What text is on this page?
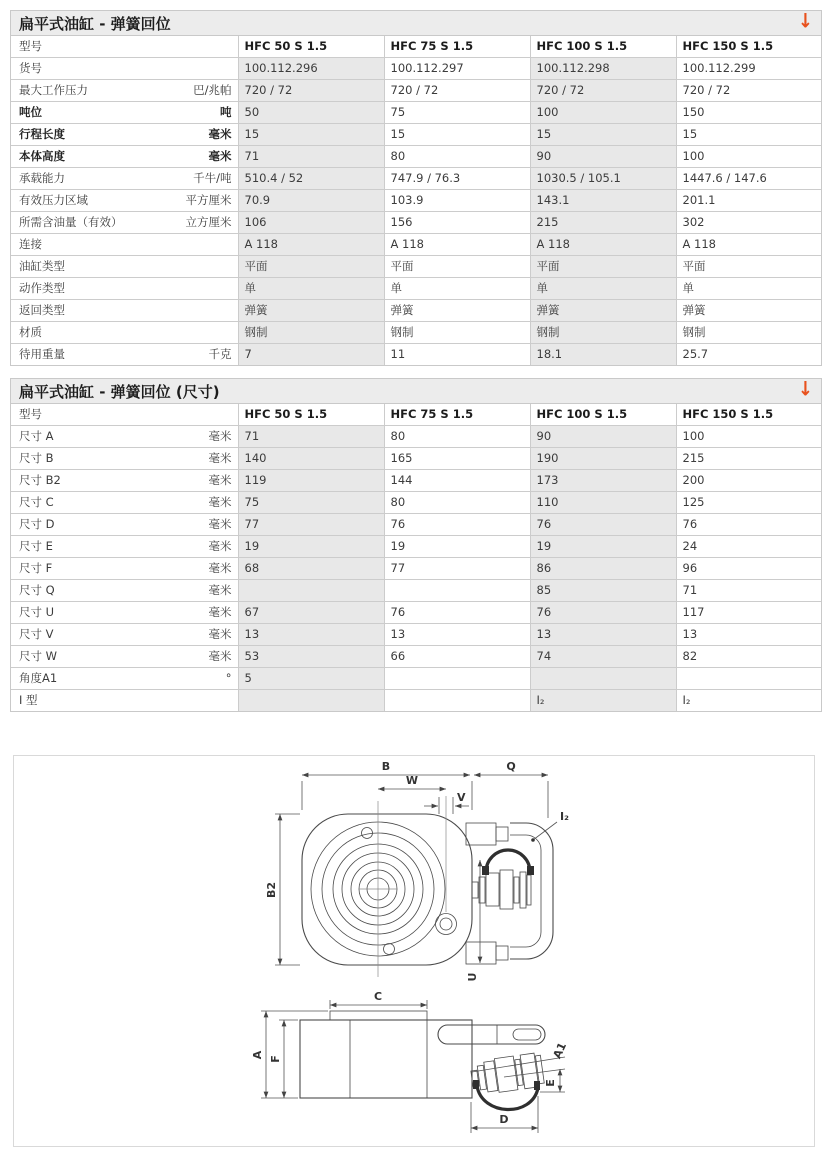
扁平式油缸 - 弹簧回位	↓
型号	HFC 50 S 1.5	HFC 75 S 1.5	HFC 100 S 1.5	HFC 150 S 1.5

货号	100.112.296	100.112.297	100.112.298	100.112.299

最大工作压力 巴/兆帕	720 / 72	720 / 72	720 / 72	720 / 72

吨位 吨	50	75	100	150

行程长度 毫米	15	15	15	15

本体高度 毫米	71	80	90	100

承载能力 千牛/吨	510.4 / 52	747.9 / 76.3	1030.5 / 105.1	1447.6 / 147.6

有效压力区域 平方厘米	70.9	103.9	143.1	201.1

所需含油量（有效） 立方厘米	106	156	215	302

连接	A 118	A 118	A 118	A 118

油缸类型	平面	平面	平面	平面

动作类型	单	单	单	单

返回类型	弹簧	弹簧	弹簧	弹簧

材质	钢制	钢制	钢制	钢制

待用重量 千克	7	11	18.1	25.7
扁平式油缸 - 弹簧回位 (尺寸)	↓
型号	HFC 50 S 1.5	HFC 75 S 1.5	HFC 100 S 1.5	HFC 150 S 1.5

尺寸 A 毫米	71	80	90	100

尺寸 B 毫米	140	165	190	215

尺寸 B2 毫米	119	144	173	200

尺寸 C 毫米	75	80	110	125

尺寸 D 毫米	77	76	76	76

尺寸 E 毫米	19	19	19	24

尺寸 F 毫米	68	77	86	96

尺寸 Q 毫米			85	71

尺寸 U 毫米	67	76	76	117

尺寸 V 毫米	13	13	13	13

尺寸 W 毫米	53	66	74	82

角度A1 °	5			

I 型			I₂	I₂
I₂
B	Q
W
V
B2
U
C
A F	A1
E
D
